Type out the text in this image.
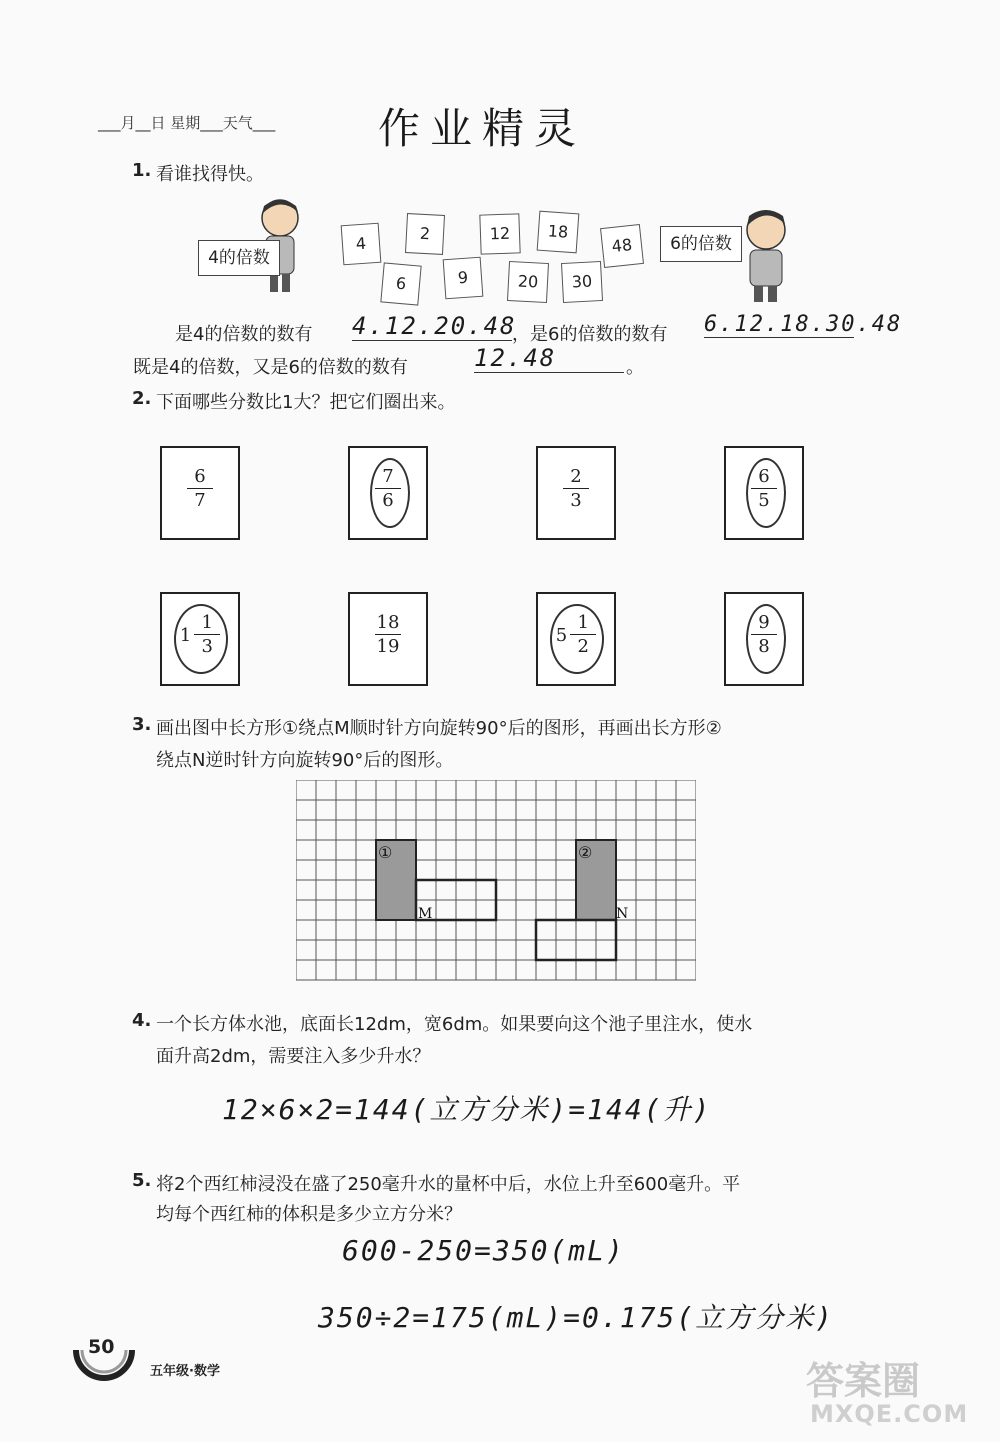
___月__日 星期___天气___ 作业精灵
1. 看谁找得快。
4的倍数
6的倍数
4
2	12	18
48
6	9	20	30
是4的倍数的数有 4.12.20.48
，是6的倍数的数有 6.12.18.30.48
既是4的倍数，又是6的倍数的数有	12.48	。
2. 下面哪些分数比1大？把它们圈出来。
$\frac{6}{7}$	$\frac{7}{6}$	$\frac{2}{3}$	$\frac{6}{5}$
$1 \frac{1}{3}$	$\frac{18}{19}$	$5 \frac{1}{2}$	$\frac{9}{8}$
3. 画出图中长方形①绕点M顺时针方向旋转90°后的图形，再画出长方形②
绕点N逆时针方向旋转90°后的图形。
①	②
M	N
4. 一个长方体水池，底面长12dm，宽6dm。如果要向这个池子里注水，使水
面升高2dm，需要注入多少升水？
12×6×2=144(立方分米)=144(升)
5. 将2个西红柿浸没在盛了250毫升水的量杯中后，水位上升至600毫升。平
均每个西红柿的体积是多少立方分米？
600-250=350(mL)
350÷2=175(mL)=0.175(立方分米)
50
五年级·数学	答案圈
MXQE.COM
